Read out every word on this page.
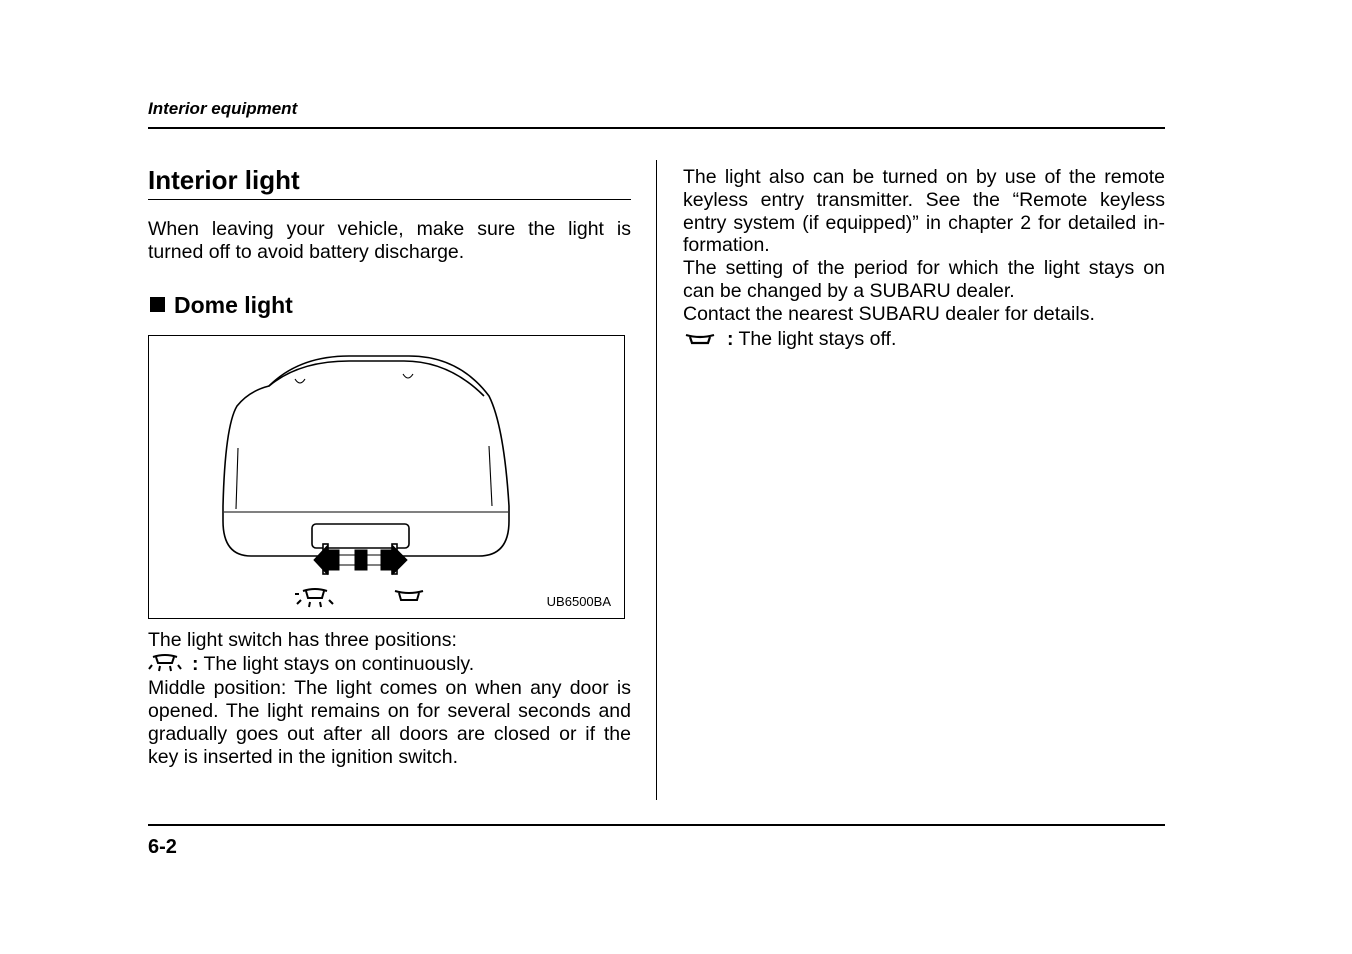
Interior equipment
Interior light

When leaving your vehicle, make sure the light is turned off to avoid battery discharge.

Dome light
UB6500BA

The light switch has three positions:

: The light stays on continuously.

Middle position: The light comes on when any door is opened. The light remains on for several seconds and gradually goes out after all doors are closed or if the key is inserted in the ignition switch.

The light also can be turned on by use of the remote keyless entry transmitter. See the “Remote keyless entry system (if equipped)” in chapter 2 for detailed in-formation.

The setting of the period for which the light stays on can be changed by a SUBARU dealer.

Contact the nearest SUBARU dealer for details.

: The light stays off.
6-2
